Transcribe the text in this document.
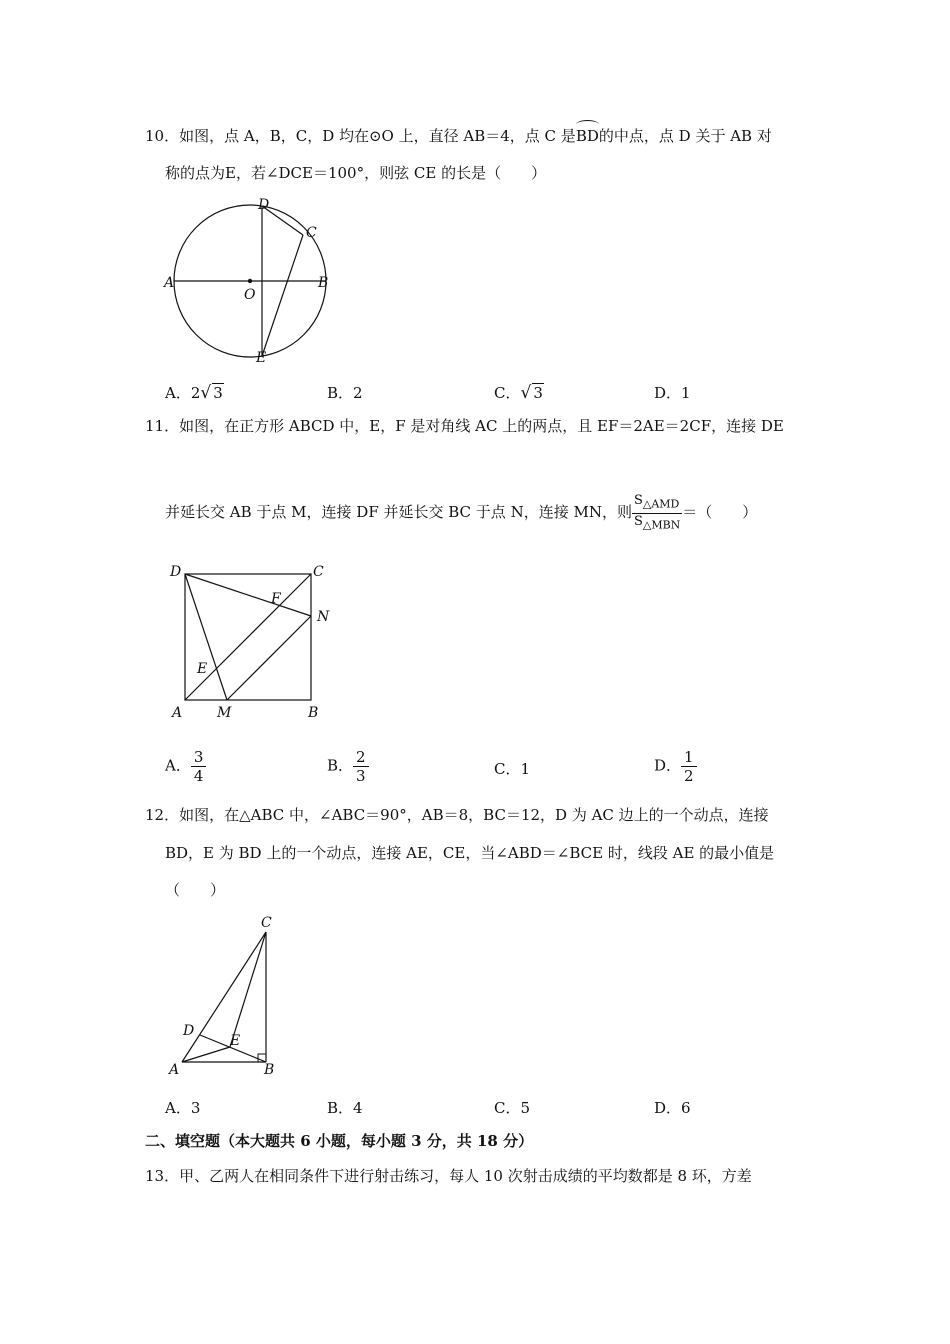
10．如图，点 A，B，C，D 均在⊙O 上，直径 AB＝4，点 C 是BD的中点，点 D 关于 AB 对
称的点为E，若∠DCE＝100°，则弦 CE 的长是（　　）
A	B
C
D
E
O
A．2√ 3	B．2	C．√ 3	D．1
11．如图，在正方形 ABCD 中，E，F 是对角线 AC 上的两点，且 EF＝2AE＝2CF，连接 DE
并延长交 AB 于点 M，连接 DF 并延长交 BC 于点 N，连接 MN，则
$S_{\triangle AMD}$
$S_{\triangle MBN}$
＝（　　）
D	C
N
F
E
A M	B
A． $\frac{3}{4}$	B． $\frac{2}{3}$	C．1	D． $\frac{1}{2}$
12．如图，在△ABC 中，∠ABC＝90°，AB＝8，BC＝12，D 为 AC 边上的一个动点，连接
BD，E 为 BD 上的一个动点，连接 AE，CE，当∠ABD＝∠BCE 时，线段 AE 的最小值是
（　　）
C
D
E
A	B
A．3	B．4	C．5	D．6
二、填空题（本大题共 6 小题，每小题 3 分，共 18 分）
13．甲、乙两人在相同条件下进行射击练习，每人 10 次射击成绩的平均数都是 8 环，方差
